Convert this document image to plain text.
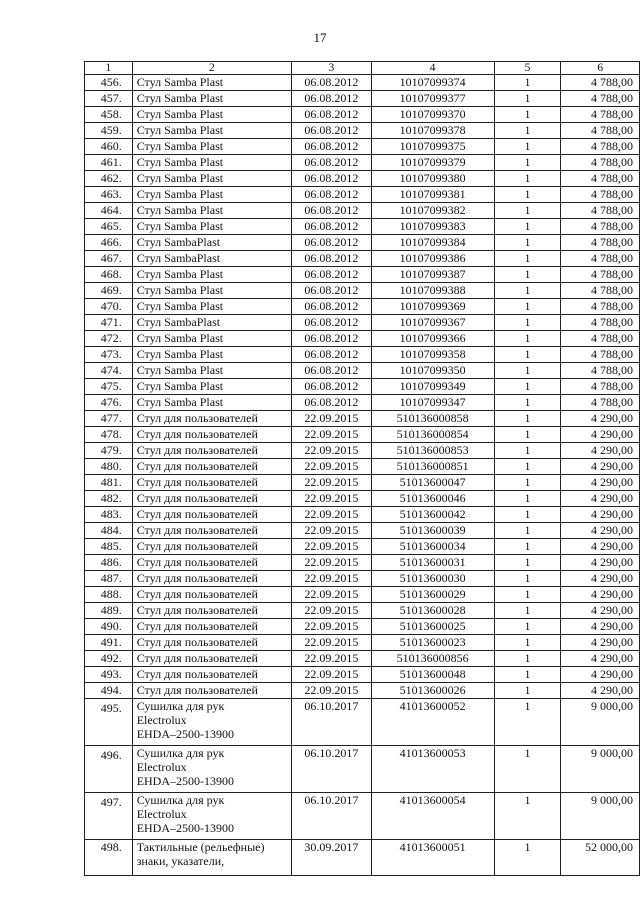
17
1	2	3	4	5	6
456.	Стул Samba Plast	06.08.2012	10107099374	1	4 788,00
457.	Стул Samba Plast	06.08.2012	10107099377	1	4 788,00
458.	Стул Samba Plast	06.08.2012	10107099370	1	4 788,00
459.	Стул Samba Plast	06.08.2012	10107099378	1	4 788,00
460.	Стул Samba Plast	06.08.2012	10107099375	1	4 788,00
461.	Стул Samba Plast	06.08.2012	10107099379	1	4 788,00
462.	Стул Samba Plast	06.08.2012	10107099380	1	4 788,00
463.	Стул Samba Plast	06.08.2012	10107099381	1	4 788,00
464.	Стул Samba Plast	06.08.2012	10107099382	1	4 788,00
465.	Стул Samba Plast	06.08.2012	10107099383	1	4 788,00
466.	Стул SambaPlast	06.08.2012	10107099384	1	4 788,00
467.	Стул SambaPlast	06.08.2012	10107099386	1	4 788,00
468.	Стул Samba Plast	06.08.2012	10107099387	1	4 788,00
469.	Стул Samba Plast	06.08.2012	10107099388	1	4 788,00
470.	Стул Samba Plast	06.08.2012	10107099369	1	4 788,00
471.	Стул SambaPlast	06.08.2012	10107099367	1	4 788,00
472.	Стул Samba Plast	06.08.2012	10107099366	1	4 788,00
473.	Стул Samba Plast	06.08.2012	10107099358	1	4 788,00
474.	Стул Samba Plast	06.08.2012	10107099350	1	4 788,00
475.	Стул Samba Plast	06.08.2012	10107099349	1	4 788,00
476.	Стул Samba Plast	06.08.2012	10107099347	1	4 788,00
477.	Стул для пользователей	22.09.2015	510136000858	1	4 290,00
478.	Стул для пользователей	22.09.2015	510136000854	1	4 290,00
479.	Стул для пользователей	22.09.2015	510136000853	1	4 290,00
480.	Стул для пользователей	22.09.2015	510136000851	1	4 290,00
481.	Стул для пользователей	22.09.2015	51013600047	1	4 290,00
482.	Стул для пользователей	22.09.2015	51013600046	1	4 290,00
483.	Стул для пользователей	22.09.2015	51013600042	1	4 290,00
484.	Стул для пользователей	22.09.2015	51013600039	1	4 290,00
485.	Стул для пользователей	22.09.2015	51013600034	1	4 290,00
486.	Стул для пользователей	22.09.2015	51013600031	1	4 290,00
487.	Стул для пользователей	22.09.2015	51013600030	1	4 290,00
488.	Стул для пользователей	22.09.2015	51013600029	1	4 290,00
489.	Стул для пользователей	22.09.2015	51013600028	1	4 290,00
490.	Стул для пользователей	22.09.2015	51013600025	1	4 290,00
491.	Стул для пользователей	22.09.2015	51013600023	1	4 290,00
492.	Стул для пользователей	22.09.2015	510136000856	1	4 290,00
493.	Стул для пользователей	22.09.2015	51013600048	1	4 290,00
494.	Стул для пользователей	22.09.2015	51013600026	1	4 290,00
495.	Сушилка для рук
Electrolux
EHDA–2500-13900	06.10.2017	41013600052	1	9 000,00
496.	Сушилка для рук
Electrolux
EHDA–2500-13900	06.10.2017	41013600053	1	9 000,00
497.	Сушилка для рук
Electrolux
EHDA–2500-13900	06.10.2017	41013600054	1	9 000,00
498.	Тактильные (рельефные)
знаки, указатели,	30.09.2017	41013600051	1	52 000,00
